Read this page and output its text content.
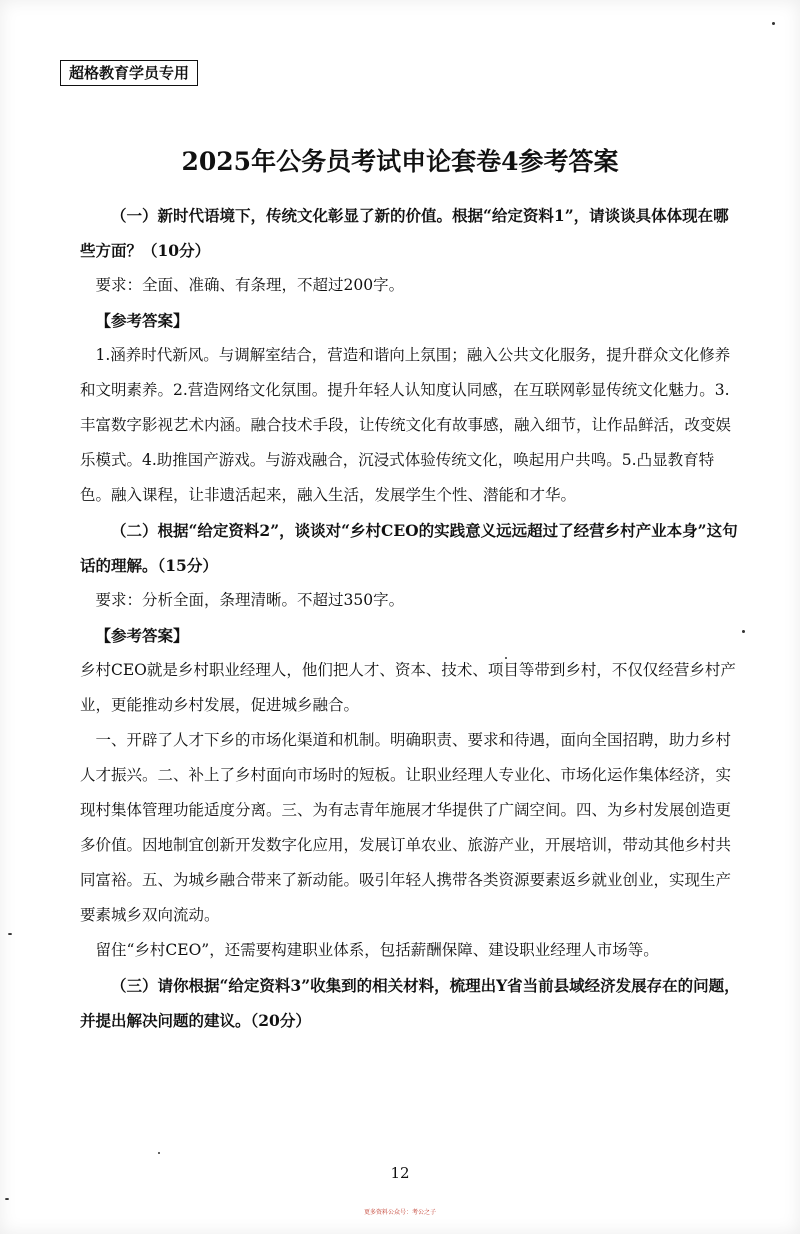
超格教育学员专用
2025年公务员考试申论套卷4参考答案

（一）新时代语境下，传统文化彰显了新的价值。根据“给定资料1”，请谈谈具体体现在哪些方面？（10分）

要求：全面、准确、有条理，不超过200字。

【参考答案】

1.涵养时代新风。与调解室结合，营造和谐向上氛围；融入公共文化服务，提升群众文化修养和文明素养。2.营造网络文化氛围。提升年轻人认知度认同感，在互联网彰显传统文化魅力。3.丰富数字影视艺术内涵。融合技术手段，让传统文化有故事感，融入细节，让作品鲜活，改变娱乐模式。4.助推国产游戏。与游戏融合，沉浸式体验传统文化，唤起用户共鸣。5.凸显教育特色。融入课程，让非遗活起来，融入生活，发展学生个性、潜能和才华。

（二）根据“给定资料2”，谈谈对“乡村CEO的实践意义远远超过了经营乡村产业本身”这句话的理解。（15分）

要求：分析全面，条理清晰。不超过350字。

【参考答案】

乡村CEO就是乡村职业经理人，他们把人才、资本、技术、项目等带到乡村，不仅仅经营乡村产业，更能推动乡村发展，促进城乡融合。

一、开辟了人才下乡的市场化渠道和机制。明确职责、要求和待遇，面向全国招聘，助力乡村人才振兴。二、补上了乡村面向市场时的短板。让职业经理人专业化、市场化运作集体经济，实现村集体管理功能适度分离。三、为有志青年施展才华提供了广阔空间。四、为乡村发展创造更多价值。因地制宜创新开发数字化应用，发展订单农业、旅游产业，开展培训，带动其他乡村共同富裕。五、为城乡融合带来了新动能。吸引年轻人携带各类资源要素返乡就业创业，实现生产要素城乡双向流动。

留住“乡村CEO”，还需要构建职业体系，包括薪酬保障、建设职业经理人市场等。

（三）请你根据“给定资料3”收集到的相关材料，梳理出Y省当前县域经济发展存在的问题，并提出解决问题的建议。（20分）

12
更多资料公众号：考公之子
